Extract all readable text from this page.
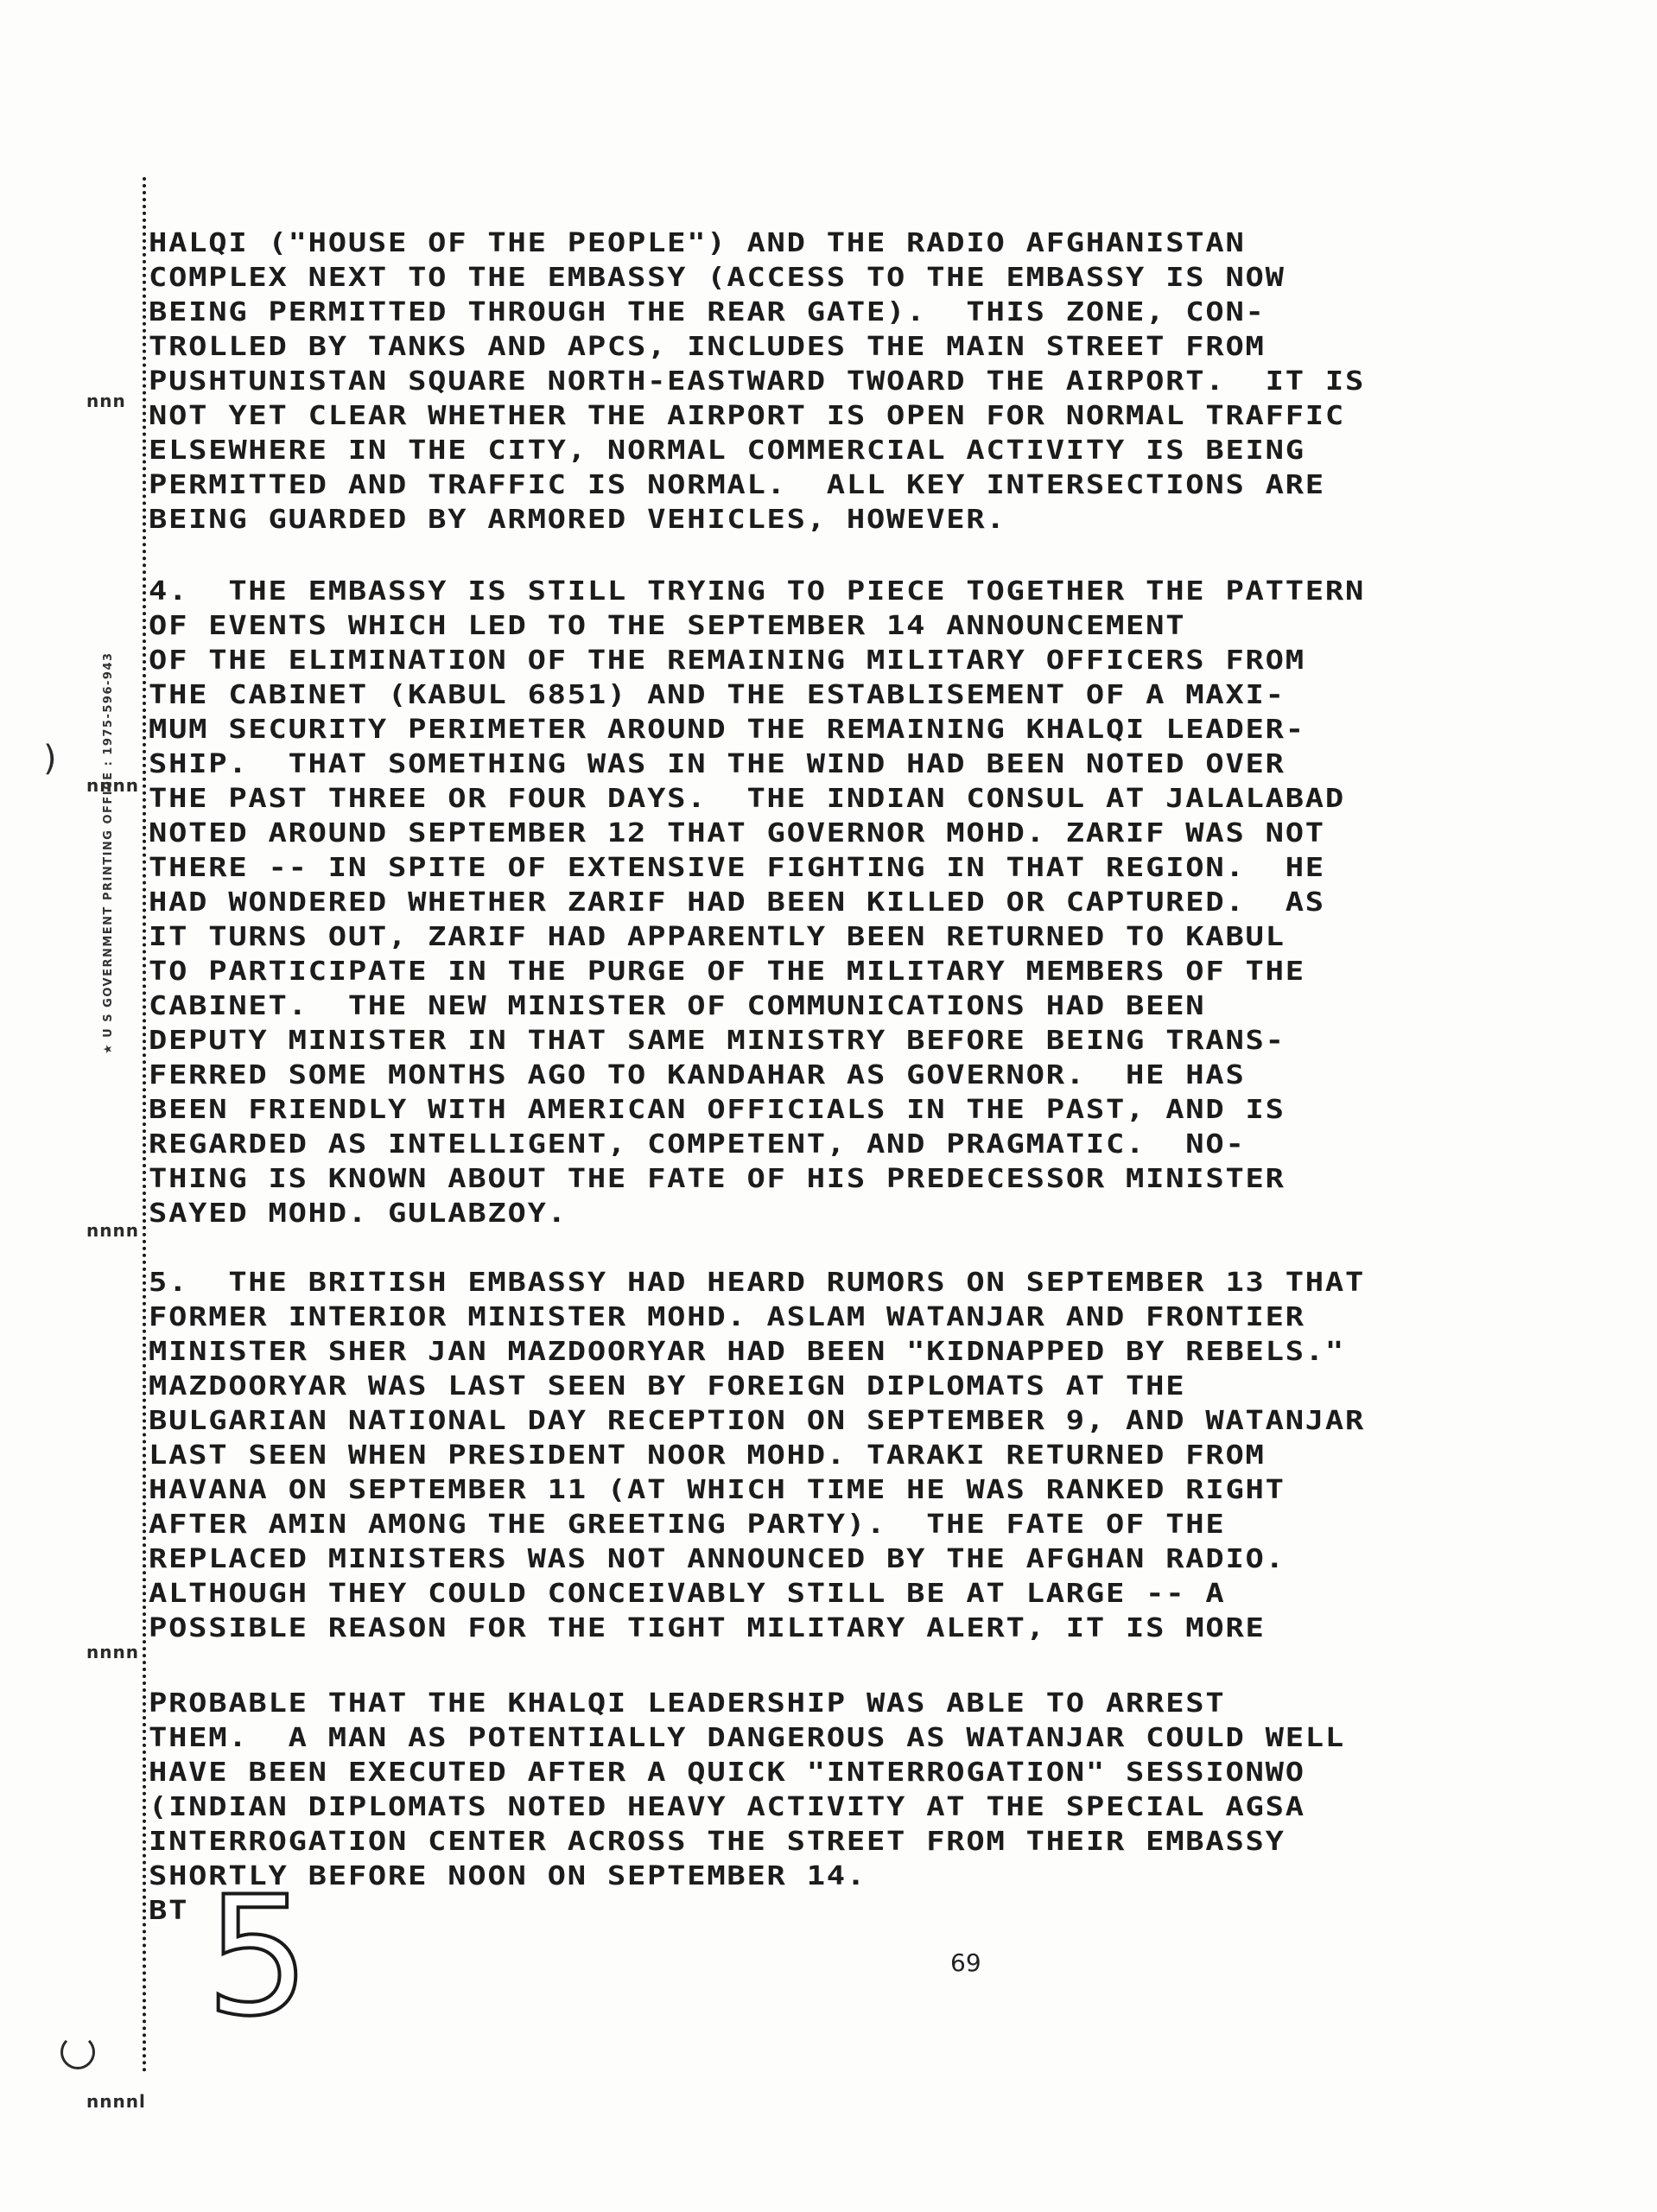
nnn
nnnn
nnnn
nnnn
nnnnl
★ U S GOVERNMENT PRINTING OFFICE : 1975-596-943
)
HALQI ("HOUSE OF THE PEOPLE") AND THE RADIO AFGHANISTAN
COMPLEX NEXT TO THE EMBASSY (ACCESS TO THE EMBASSY IS NOW
BEING PERMITTED THROUGH THE REAR GATE).  THIS ZONE, CON-
TROLLED BY TANKS AND APCS, INCLUDES THE MAIN STREET FROM
PUSHTUNISTAN SQUARE NORTH-EASTWARD TWOARD THE AIRPORT.  IT IS
NOT YET CLEAR WHETHER THE AIRPORT IS OPEN FOR NORMAL TRAFFIC
ELSEWHERE IN THE CITY, NORMAL COMMERCIAL ACTIVITY IS BEING
PERMITTED AND TRAFFIC IS NORMAL.  ALL KEY INTERSECTIONS ARE
BEING GUARDED BY ARMORED VEHICLES, HOWEVER.
4.  THE EMBASSY IS STILL TRYING TO PIECE TOGETHER THE PATTERN
OF EVENTS WHICH LED TO THE SEPTEMBER 14 ANNOUNCEMENT
OF THE ELIMINATION OF THE REMAINING MILITARY OFFICERS FROM
THE CABINET (KABUL 6851) AND THE ESTABLISEMENT OF A MAXI-
MUM SECURITY PERIMETER AROUND THE REMAINING KHALQI LEADER-
SHIP.  THAT SOMETHING WAS IN THE WIND HAD BEEN NOTED OVER
THE PAST THREE OR FOUR DAYS.  THE INDIAN CONSUL AT JALALABAD
NOTED AROUND SEPTEMBER 12 THAT GOVERNOR MOHD. ZARIF WAS NOT
THERE -- IN SPITE OF EXTENSIVE FIGHTING IN THAT REGION.  HE
HAD WONDERED WHETHER ZARIF HAD BEEN KILLED OR CAPTURED.  AS
IT TURNS OUT, ZARIF HAD APPARENTLY BEEN RETURNED TO KABUL
TO PARTICIPATE IN THE PURGE OF THE MILITARY MEMBERS OF THE
CABINET.  THE NEW MINISTER OF COMMUNICATIONS HAD BEEN
DEPUTY MINISTER IN THAT SAME MINISTRY BEFORE BEING TRANS-
FERRED SOME MONTHS AGO TO KANDAHAR AS GOVERNOR.  HE HAS
BEEN FRIENDLY WITH AMERICAN OFFICIALS IN THE PAST, AND IS
REGARDED AS INTELLIGENT, COMPETENT, AND PRAGMATIC.  NO-
THING IS KNOWN ABOUT THE FATE OF HIS PREDECESSOR MINISTER
SAYED MOHD. GULABZOY.
5.  THE BRITISH EMBASSY HAD HEARD RUMORS ON SEPTEMBER 13 THAT
FORMER INTERIOR MINISTER MOHD. ASLAM WATANJAR AND FRONTIER
MINISTER SHER JAN MAZDOORYAR HAD BEEN "KIDNAPPED BY REBELS."
MAZDOORYAR WAS LAST SEEN BY FOREIGN DIPLOMATS AT THE
BULGARIAN NATIONAL DAY RECEPTION ON SEPTEMBER 9, AND WATANJAR
LAST SEEN WHEN PRESIDENT NOOR MOHD. TARAKI RETURNED FROM
HAVANA ON SEPTEMBER 11 (AT WHICH TIME HE WAS RANKED RIGHT
AFTER AMIN AMONG THE GREETING PARTY).  THE FATE OF THE
REPLACED MINISTERS WAS NOT ANNOUNCED BY THE AFGHAN RADIO.
ALTHOUGH THEY COULD CONCEIVABLY STILL BE AT LARGE -- A
POSSIBLE REASON FOR THE TIGHT MILITARY ALERT, IT IS MORE
PROBABLE THAT THE KHALQI LEADERSHIP WAS ABLE TO ARREST
THEM.  A MAN AS POTENTIALLY DANGEROUS AS WATANJAR COULD WELL
HAVE BEEN EXECUTED AFTER A QUICK "INTERROGATION" SESSIONWO
(INDIAN DIPLOMATS NOTED HEAVY ACTIVITY AT THE SPECIAL AGSA
INTERROGATION CENTER ACROSS THE STREET FROM THEIR EMBASSY
SHORTLY BEFORE NOON ON SEPTEMBER 14.
BT 5	69
